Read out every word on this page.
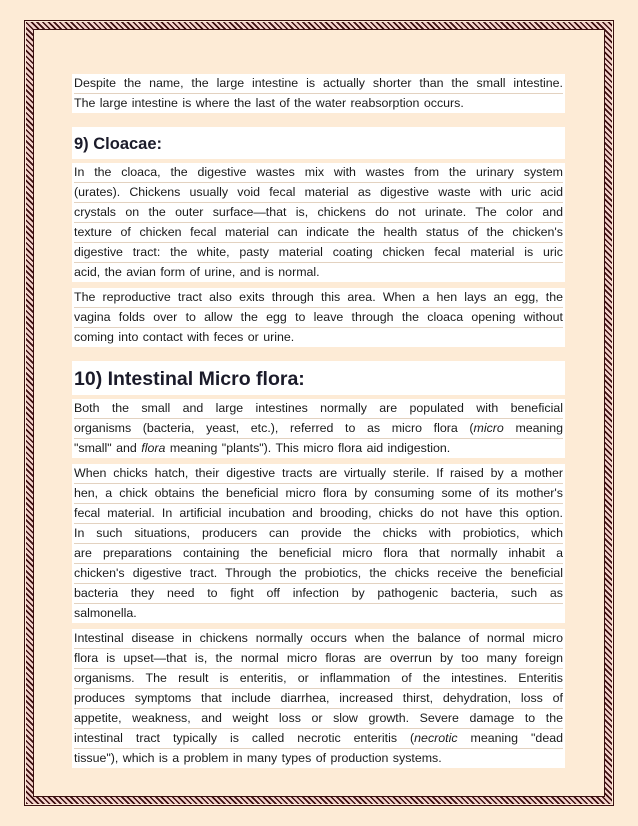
Despite the name, the large intestine is actually shorter than the small intestine.
The large intestine is where the last of the water reabsorption occurs.
9) Cloacae:
In the cloaca, the digestive wastes mix with wastes from the urinary system
(urates). Chickens usually void fecal material as digestive waste with uric acid
crystals on the outer surface—that is, chickens do not urinate. The color and
texture of chicken fecal material can indicate the health status of the chicken's
digestive tract: the white, pasty material coating chicken fecal material is uric
acid, the avian form of urine, and is normal.
The reproductive tract also exits through this area. When a hen lays an egg, the
vagina folds over to allow the egg to leave through the cloaca opening without
coming into contact with feces or urine.
10) Intestinal Micro flora:
Both the small and large intestines normally are populated with beneficial
organisms (bacteria, yeast, etc.), referred to as micro flora (micro meaning
"small" and flora meaning "plants"). This micro flora aid indigestion.
When chicks hatch, their digestive tracts are virtually sterile. If raised by a mother
hen, a chick obtains the beneficial micro flora by consuming some of its mother's
fecal material. In artificial incubation and brooding, chicks do not have this option.
In such situations, producers can provide the chicks with probiotics, which
are preparations containing the beneficial micro flora that normally inhabit a
chicken's digestive tract. Through the probiotics, the chicks receive the beneficial
bacteria they need to fight off infection by pathogenic bacteria, such as
salmonella.
Intestinal disease in chickens normally occurs when the balance of normal micro
flora is upset—that is, the normal micro floras are overrun by too many foreign
organisms. The result is enteritis, or inflammation of the intestines. Enteritis
produces symptoms that include diarrhea, increased thirst, dehydration, loss of
appetite, weakness, and weight loss or slow growth. Severe damage to the
intestinal tract typically is called necrotic enteritis (necrotic meaning "dead
tissue"), which is a problem in many types of production systems.
